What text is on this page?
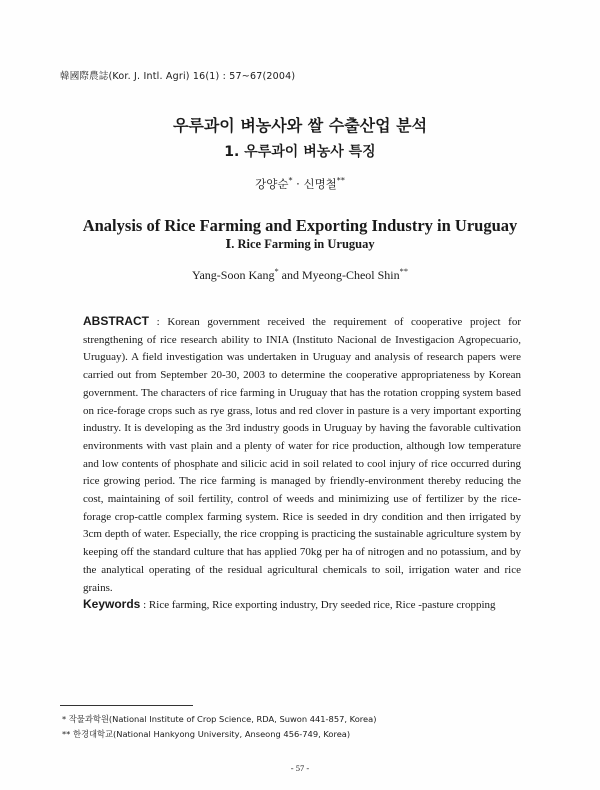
韓國際農誌(Kor. J. Intl. Agri) 16(1) : 57~67(2004)
우루과이 벼농사와 쌀 수출산업 분석
1. 우루과이 벼농사 특징
강양순* · 신명철**
Analysis of Rice Farming and Exporting Industry in Uruguay
Ⅰ. Rice Farming in Uruguay
Yang-Soon Kang* and Myeong-Cheol Shin**
ABSTRACT : Korean government received the requirement of cooperative project for strengthening of rice research ability to INIA (Instituto Nacional de Investigacion Agropecuario, Uruguay). A field investigation was undertaken in Uruguay and analysis of research papers were carried out from September 20-30, 2003 to determine the cooperative appropriateness by Korean government. The characters of rice farming in Uruguay that has the rotation cropping system based on rice-forage crops such as rye grass, lotus and red clover in pasture is a very important exporting industry. It is developing as the 3rd industry goods in Uruguay by having the favorable cultivation environments with vast plain and a plenty of water for rice production, although low temperature and low contents of phosphate and silicic acid in soil related to cool injury of rice occurred during rice growing period. The rice farming is managed by friendly-environment thereby reducing the cost, maintaining of soil fertility, control of weeds and minimizing use of fertilizer by the rice-forage crop-cattle complex farming system. Rice is seeded in dry condition and then irrigated by 3cm depth of water. Especially, the rice cropping is practicing the sustainable agriculture system by keeping off the standard culture that has applied 70kg per ha of nitrogen and no potassium, and by the analytical operating of the residual agricultural chemicals to soil, irrigation water and rice grains.
Keywords : Rice farming, Rice exporting industry, Dry seeded rice, Rice -pasture cropping
* 작물과학원(National Institute of Crop Science, RDA, Suwon 441-857, Korea)
** 한경대학교(National Hankyong University, Anseong 456-749, Korea)
- 57 -
